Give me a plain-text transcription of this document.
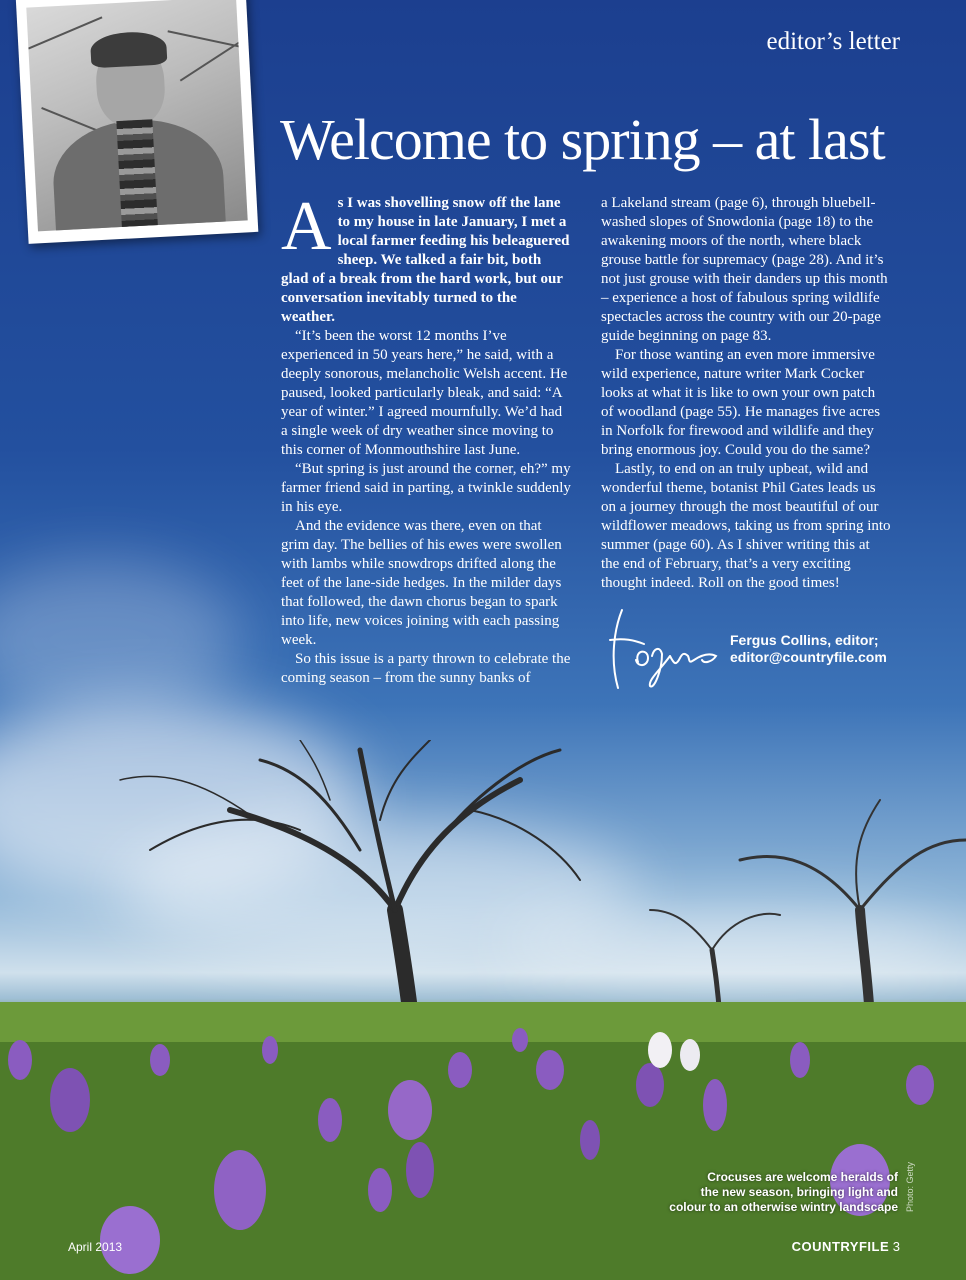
editor’s letter
Welcome to spring – at last

As I was shovelling snow off the lane to my house in late January, I met a local farmer feeding his beleaguered sheep. We talked a fair bit, both glad of a break from the hard work, but our conversation inevitably turned to the weather.

“It’s been the worst 12 months I’ve experienced in 50 years here,” he said, with a deeply sonorous, melancholic Welsh accent. He paused, looked particularly bleak, and said: “A year of winter.” I agreed mournfully. We’d had a single week of dry weather since moving to this corner of Monmouthshire last June.

“But spring is just around the corner, eh?” my farmer friend said in parting, a twinkle suddenly in his eye.

And the evidence was there, even on that grim day. The bellies of his ewes were swollen with lambs while snowdrops drifted along the feet of the lane-side hedges. In the milder days that followed, the dawn chorus began to spark into life, new voices joining with each passing week.

So this issue is a party thrown to celebrate the coming season – from the sunny banks of

a Lakeland stream (page 6), through bluebell-washed slopes of Snowdonia (page 18) to the awakening moors of the north, where black grouse battle for supremacy (page 28). And it’s not just grouse with their danders up this month – experience a host of fabulous spring wildlife spectacles across the country with our 20-page guide beginning on page 83.

For those wanting an even more immersive wild experience, nature writer Mark Cocker looks at what it is like to own your own patch of woodland (page 55). He manages five acres in Norfolk for firewood and wildlife and they bring enormous joy. Could you do the same?

Lastly, to end on an truly upbeat, wild and wonderful theme, botanist Phil Gates leads us on a journey through the most beautiful of our wildflower meadows, taking us from spring into summer (page 60). As I shiver writing this at the end of February, that’s a very exciting thought indeed. Roll on the good times!

Fergus Collins, editor;
editor@countryfile.com
Crocuses are welcome heralds of
the new season, bringing light and
colour to an otherwise wintry landscape Photo: Getty
April 2013	COUNTRYFILE 3
